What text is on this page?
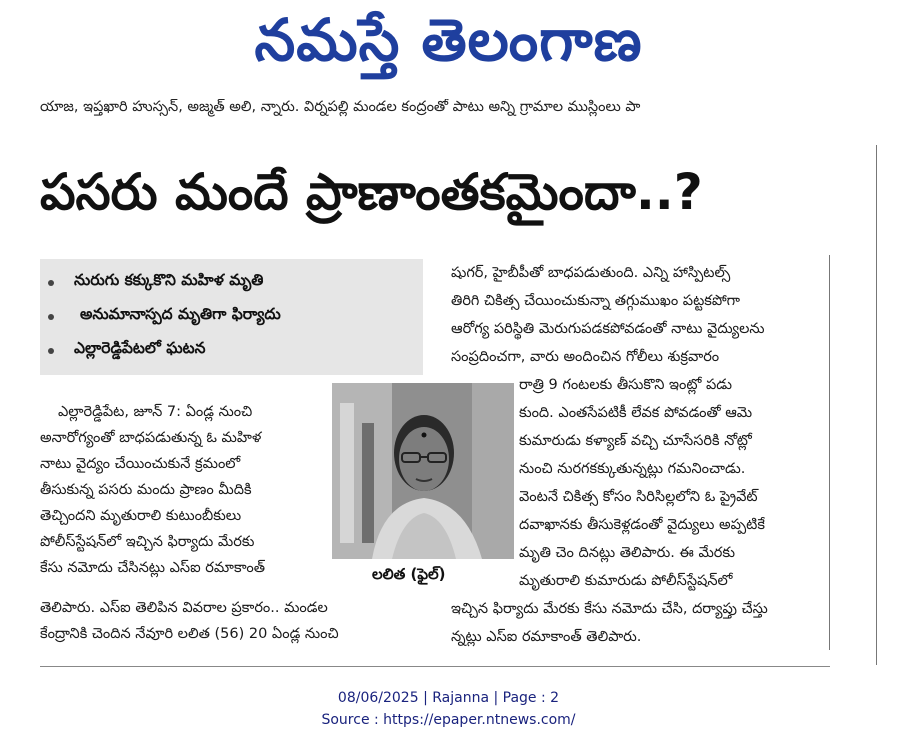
నమస్తే తెలంగాణ
యాజ, ఇప్తఖారి హుస్సన్, అజ్మత్ అలి, న్నారు. విర్నపల్లి మండల కంద్రంతో పాటు అన్ని గ్రామాల ముస్లింలు పా
పసరు మందే ప్రాణాంతకమైందా..?
నురుగు కక్కుకొని మహిళ మృతి
అనుమానాస్పద మృతిగా ఫిర్యాదు
ఎల్లారెడ్డిపేటలో ఘటన
ఎల్లారెడ్డిపేట, జూన్ 7: ఏండ్ల నుంచి
అనారోగ్యంతో బాధపడుతున్న ఓ మహిళ
నాటు వైద్యం చేయించుకునే క్రమంలో
తీసుకున్న పసరు మందు ప్రాణం మీదికి
తెచ్చిందని మృతురాలి కుటుంబీకులు
పోలీస్‌స్టేషన్‌లో ఇచ్చిన ఫిర్యాదు మేరకు
కేసు నమోదు చేసినట్లు ఎస్ఐ రమాకాంత్
తెలిపారు. ఎస్ఐ తెలిపిన వివరాల ప్రకారం.. మండల
కేంద్రానికి చెందిన నేవూరి లలిత (56) 20 ఏండ్ల నుంచి
షుగర్, హైబీపీతో బాధపడుతుంది. ఎన్ని హాస్పిటల్స్
తిరిగి చికిత్స చేయించుకున్నా తగ్గుముఖం పట్టకపోగా
ఆరోగ్య పరిస్థితి మెరుగుపడకపోవడంతో నాటు వైద్యులను
సంప్రదించగా, వారు అందించిన గోలీలు శుక్రవారం
రాత్రి 9 గంటలకు తీసుకొని ఇంట్లో పడు
కుంది. ఎంతసేపటికీ లేవక పోవడంతో ఆమె
కుమారుడు కళ్యాణ్ వచ్చి చూసేసరికి నోట్లో
నుంచి నురగకక్కుతున్నట్లు గమనించాడు.
వెంటనే చికిత్స కోసం సిరిసిల్లలోని ఓ ప్రైవేట్
దవాఖానకు తీసుకెళ్లడంతో వైద్యులు అప్పటికే
మృతి చెం దినట్లు తెలిపారు. ఈ మేరకు
మృతురాలి కుమారుడు పోలీస్‌స్టేషన్‌లో
ఇచ్చిన ఫిర్యాదు మేరకు కేసు నమోదు చేసి, దర్యాప్తు చేస్తు
న్నట్లు ఎస్ఐ రమాకాంత్ తెలిపారు.
లలిత (ఫైల్)
08/06/2025 | Rajanna | Page : 2
Source : https://epaper.ntnews.com/
